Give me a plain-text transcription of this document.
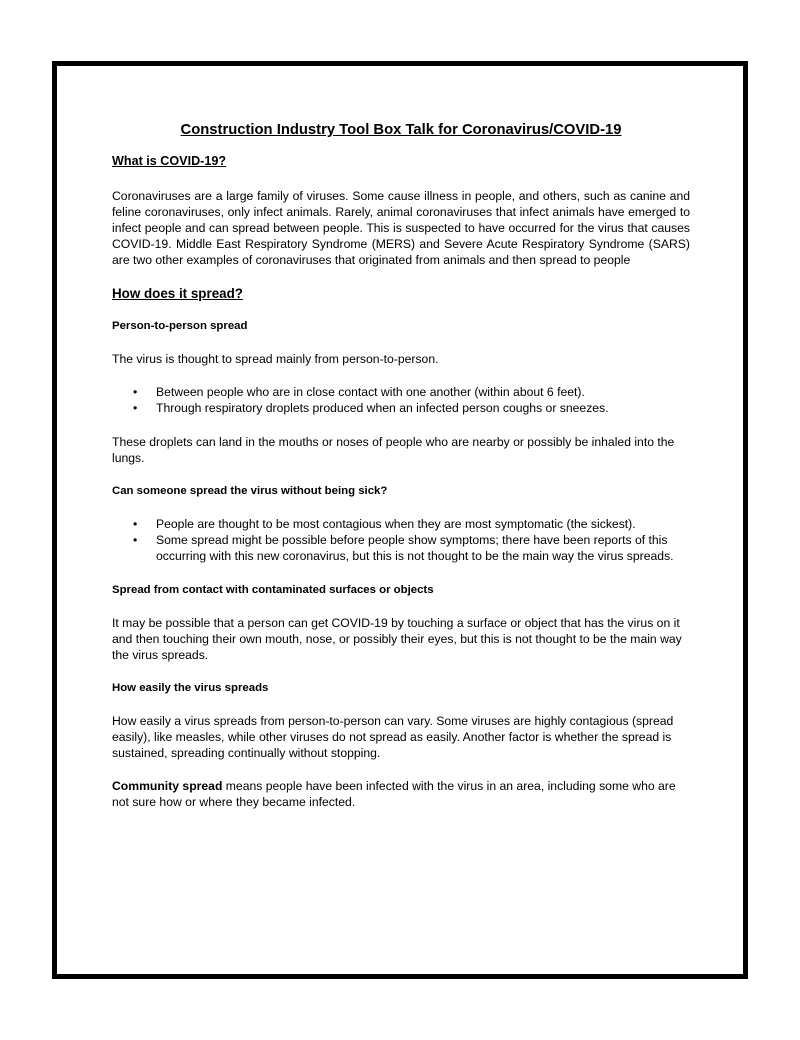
Construction Industry Tool Box Talk for Coronavirus/COVID-19
What is COVID-19?

Coronaviruses are a large family of viruses. Some cause illness in people, and others, such as canine and feline coronaviruses, only infect animals. Rarely, animal coronaviruses that infect animals have emerged to infect people and can spread between people. This is suspected to have occurred for the virus that causes COVID-19. Middle East Respiratory Syndrome (MERS) and Severe Acute Respiratory Syndrome (SARS) are two other examples of coronaviruses that originated from animals and then spread to people

How does it spread?
Person-to-person spread

The virus is thought to spread mainly from person-to-person.

• Between people who are in close contact with one another (within about 6 feet).
• Through respiratory droplets produced when an infected person coughs or sneezes.

These droplets can land in the mouths or noses of people who are nearby or possibly be inhaled into the lungs.

Can someone spread the virus without being sick?
• People are thought to be most contagious when they are most symptomatic (the sickest).
• Some spread might be possible before people show symptoms; there have been reports of this occurring with this new coronavirus, but this is not thought to be the main way the virus spreads.
Spread from contact with contaminated surfaces or objects

It may be possible that a person can get COVID-19 by touching a surface or object that has the virus on it and then touching their own mouth, nose, or possibly their eyes, but this is not thought to be the main way the virus spreads.

How easily the virus spreads

How easily a virus spreads from person-to-person can vary. Some viruses are highly contagious (spread easily), like measles, while other viruses do not spread as easily. Another factor is whether the spread is sustained, spreading continually without stopping.

Community spread means people have been infected with the virus in an area, including some who are not sure how or where they became infected.
